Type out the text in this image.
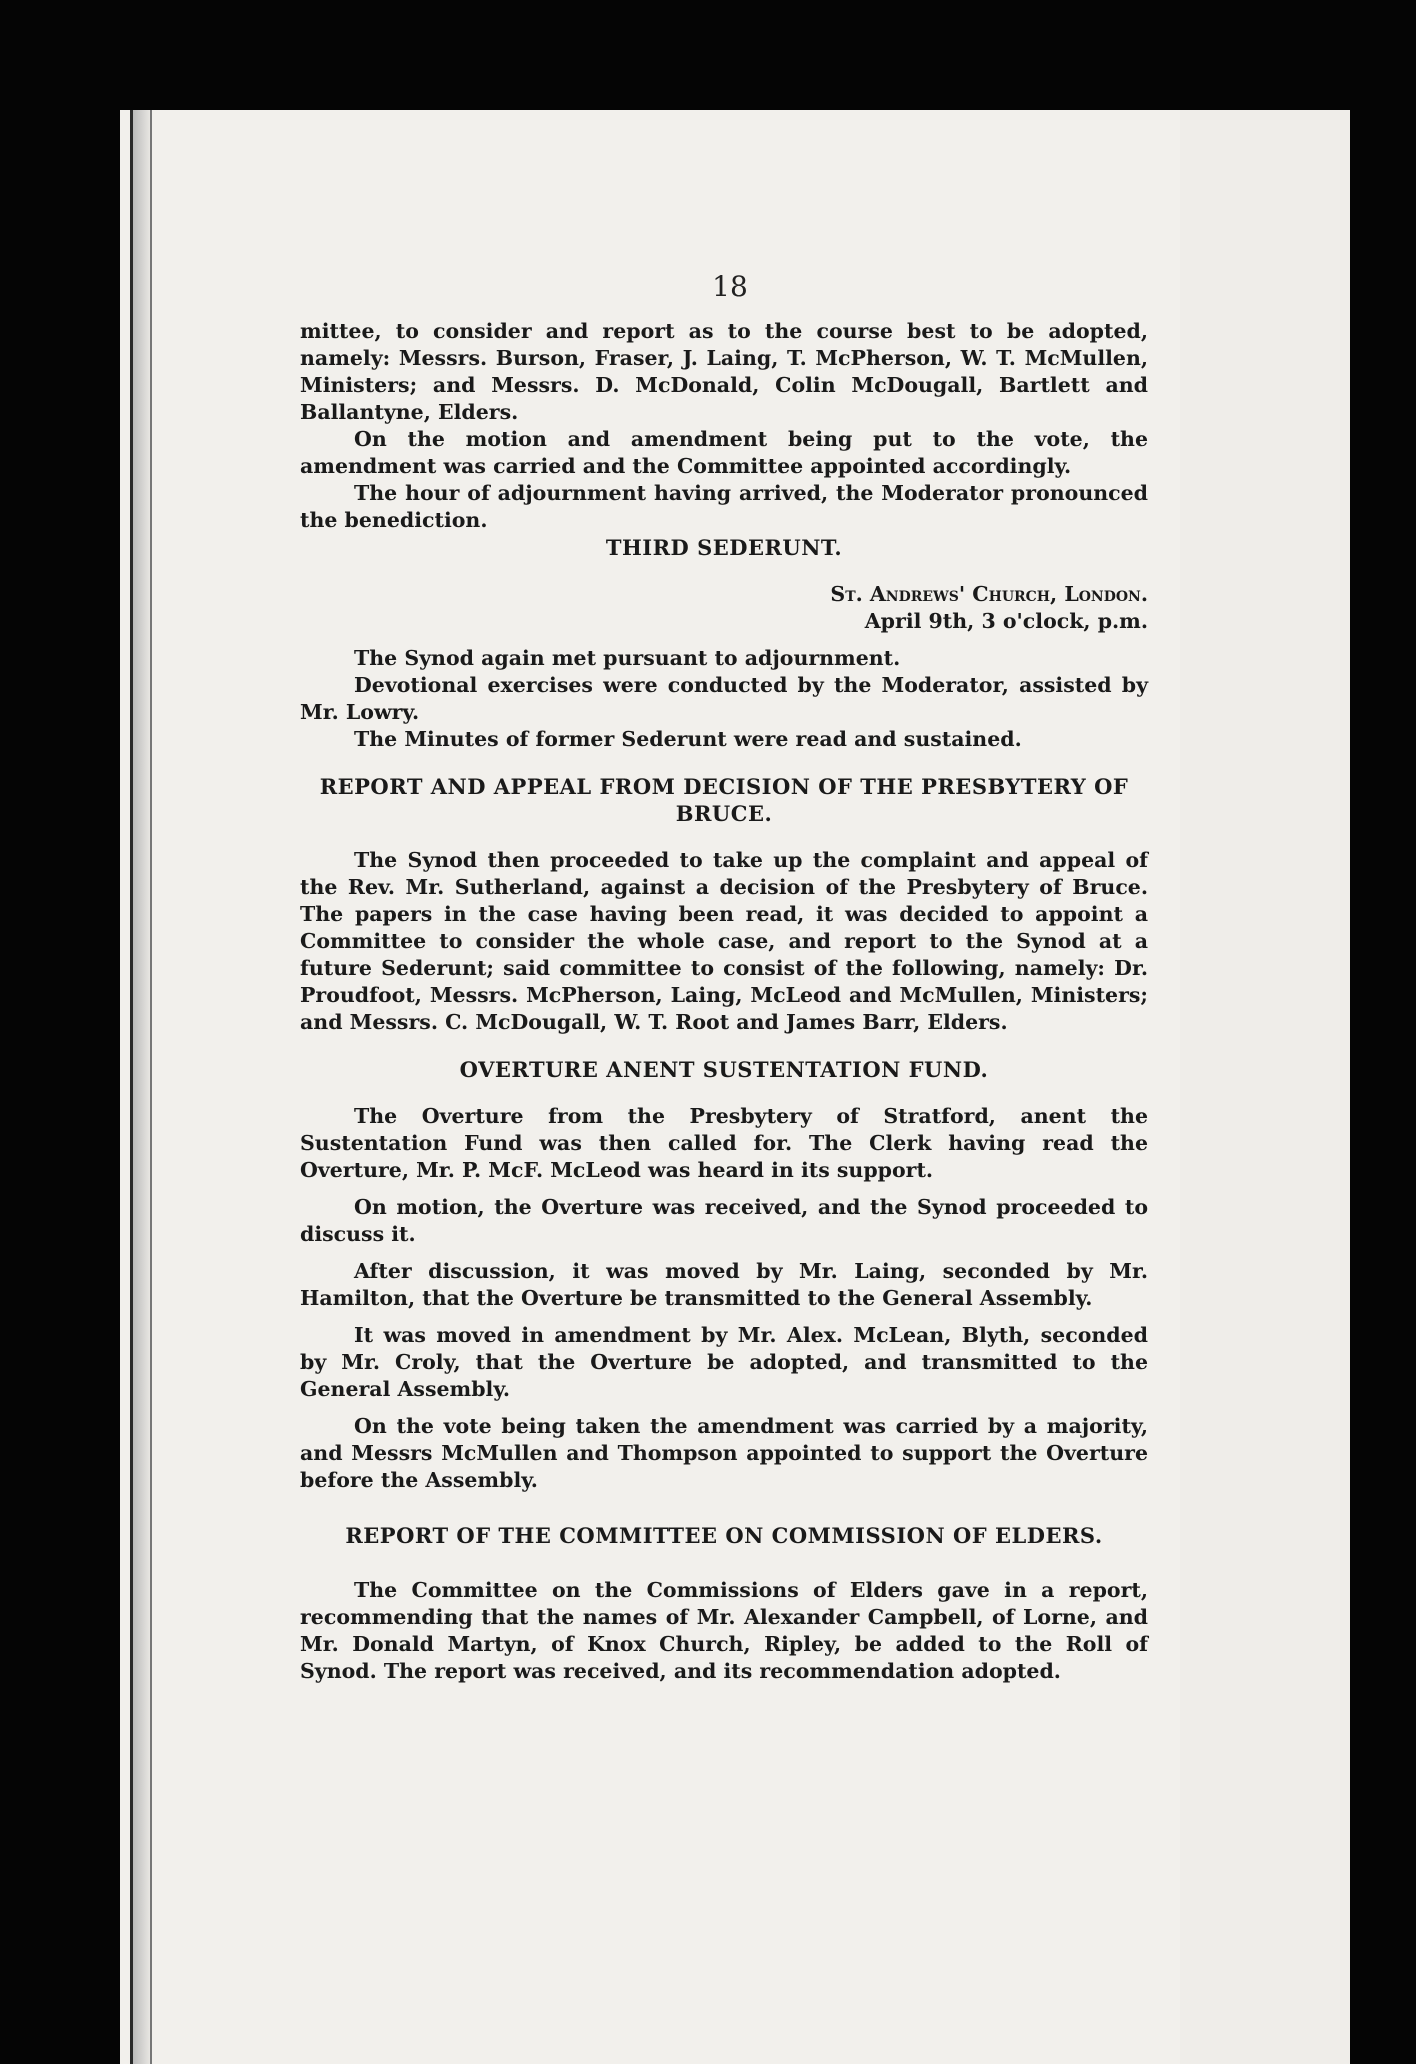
18

mittee, to consider and report as to the course best to be adopted, namely: Messrs. Burson, Fraser, J. Laing, T. McPherson, W. T. McMullen, Ministers; and Messrs. D. McDonald, Colin McDougall, Bartlett and Ballantyne, Elders.

On the motion and amendment being put to the vote, the amendment was carried and the Committee appointed accordingly.

The hour of adjournment having arrived, the Moderator pronounced the benediction.

THIRD SEDERUNT.

St. Andrews' Church, London.

April 9th, 3 o'clock, p.m.

The Synod again met pursuant to adjournment.

Devotional exercises were conducted by the Moderator, assisted by Mr. Lowry.

The Minutes of former Sederunt were read and sustained.

REPORT AND APPEAL FROM DECISION OF THE PRESBYTERY OF BRUCE.

The Synod then proceeded to take up the complaint and appeal of the Rev. Mr. Sutherland, against a decision of the Presbytery of Bruce. The papers in the case having been read, it was decided to appoint a Committee to consider the whole case, and report to the Synod at a future Sederunt; said committee to consist of the following, namely: Dr. Proudfoot, Messrs. McPherson, Laing, McLeod and McMullen, Ministers; and Messrs. C. McDougall, W. T. Root and James Barr, Elders.

OVERTURE ANENT SUSTENTATION FUND.

The Overture from the Presbytery of Stratford, anent the Sustentation Fund was then called for. The Clerk having read the Overture, Mr. P. McF. McLeod was heard in its support.

On motion, the Overture was received, and the Synod proceeded to discuss it.

After discussion, it was moved by Mr. Laing, seconded by Mr. Hamilton, that the Overture be transmitted to the General Assembly.

It was moved in amendment by Mr. Alex. McLean, Blyth, seconded by Mr. Croly, that the Overture be adopted, and transmitted to the General Assembly.

On the vote being taken the amendment was carried by a majority, and Messrs McMullen and Thompson appointed to support the Overture before the Assembly.

REPORT OF THE COMMITTEE ON COMMISSION OF ELDERS.

The Committee on the Commissions of Elders gave in a report, recommending that the names of Mr. Alexander Campbell, of Lorne, and Mr. Donald Martyn, of Knox Church, Ripley, be added to the Roll of Synod. The report was received, and its recommendation adopted.
